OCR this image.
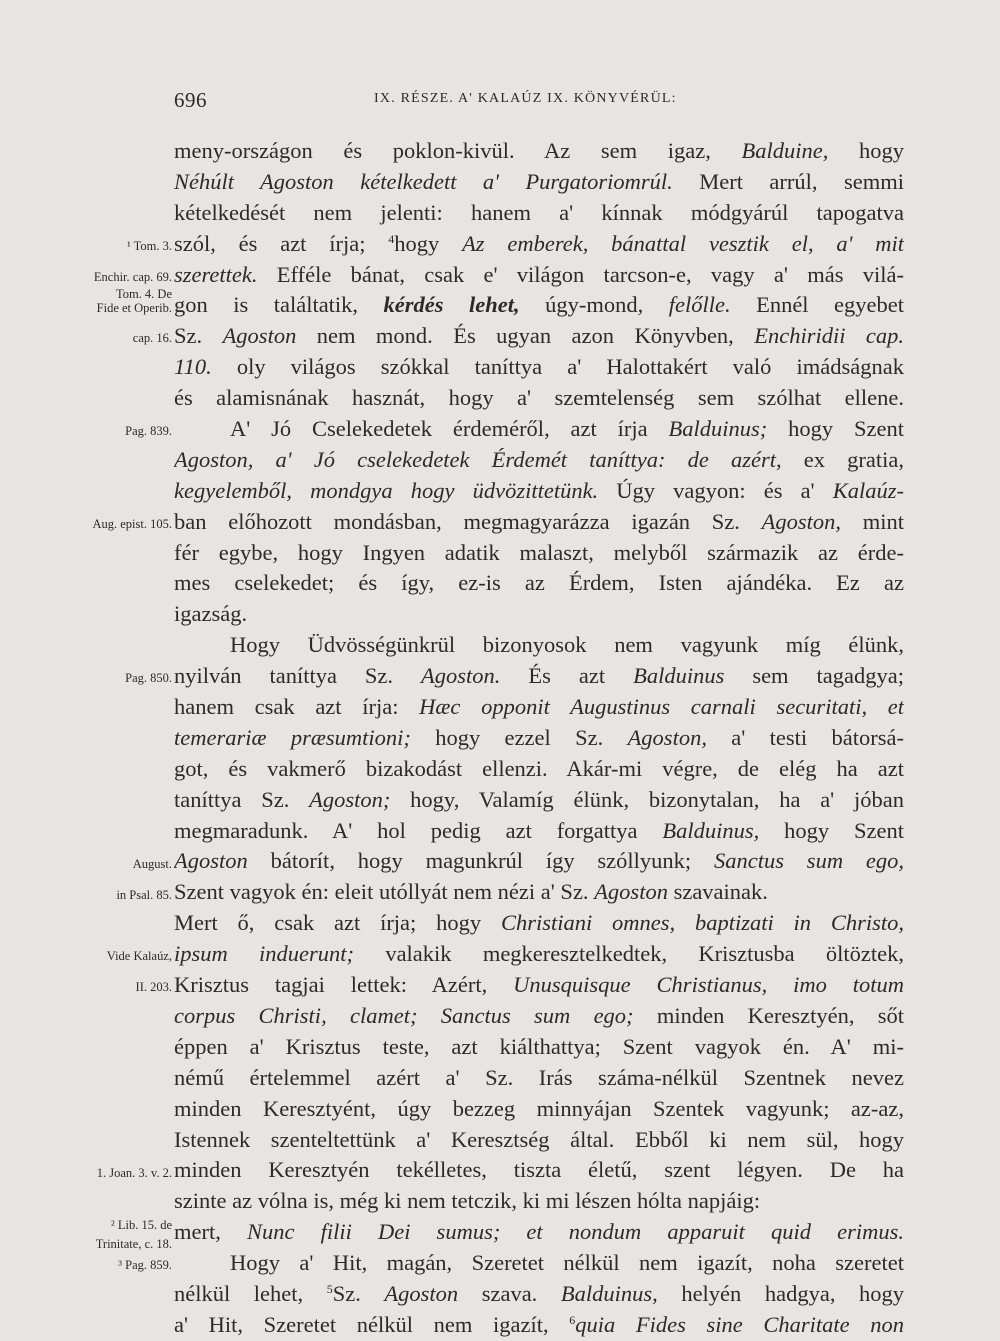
696	IX. RÉSZE. A' KALAÚZ IX. KÖNYVÉRÜL:
¹ Tom. 3.
Enchir. cap. 69.
Tom. 4. De
Fide et Operib.
cap. 16.
Pag. 839.
Aug. epist. 105.
Pag. 850.
August.
in Psal. 85.
Vide Kalaúz,
II. 203.
1. Joan. 3. v. 2.
² Lib. 15. de
Trinitate, c. 18.
³ Pag. 859.
meny-országon és poklon-kivül. Az sem igaz, Balduine, hogy
Néhúlt Agoston kételkedett a' Purgatoriomrúl. Mert arrúl, semmi
kételkedését nem jelenti: hanem a' kínnak módgyárúl tapogatva
szól, és azt írja; $^4$hogy Az emberek, bánattal vesztik el, a' mit
szerettek. Efféle bánat, csak e' világon tarcson-e, vagy a' más vilá-
gon is találtatik, kérdés lehet, úgy-mond, felőlle. Ennél egyebet
Sz. Agoston nem mond. És ugyan azon Könyvben, Enchiridii cap.
110. oly világos szókkal taníttya a' Halottakért való imádságnak
és alamisnának hasznát, hogy a' szemtelenség sem szólhat ellene.
A' Jó Cselekedetek érdeméről, azt írja Balduinus; hogy Szent
Agoston, a' Jó cselekedetek Érdemét taníttya: de azért, ex gratia,
kegyelemből, mondgya hogy üdvözittetünk. Úgy vagyon: és a' Kalaúz-
ban előhozott mondásban, megmagyarázza igazán Sz. Agoston, mint
fér egybe, hogy Ingyen adatik malaszt, melyből származik az érde-
mes cselekedet; és így, ez-is az Érdem, Isten ajándéka. Ez az
igazság.
Hogy Üdvösségünkrül bizonyosok nem vagyunk míg élünk,
nyilván taníttya Sz. Agoston. És azt Balduinus sem tagadgya;
hanem csak azt írja: Hæc opponit Augustinus carnali securitati, et
temerariæ præsumtioni; hogy ezzel Sz. Agoston, a' testi bátorsá-
got, és vakmerő bizakodást ellenzi. Akár-mi végre, de elég ha azt
taníttya Sz. Agoston; hogy, Valamíg élünk, bizonytalan, ha a' jóban
megmaradunk. A' hol pedig azt forgattya Balduinus, hogy Szent
Agoston bátorít, hogy magunkrúl így szóllyunk; Sanctus sum ego,
Szent vagyok én: eleit utóllyát nem nézi a' Sz. Agoston szavainak.
Mert ő, csak azt írja; hogy Christiani omnes, baptizati in Christo,
ipsum induerunt; valakik megkeresztelkedtek, Krisztusba öltöztek,
Krisztus tagjai lettek: Azért, Unusquisque Christianus, imo totum
corpus Christi, clamet; Sanctus sum ego; minden Keresztyén, sőt
éppen a' Krisztus teste, azt kiálthattya; Szent vagyok én. A' mi-
némű értelemmel azért a' Sz. Irás száma-nélkül Szentnek nevez
minden Keresztyént, úgy bezzeg minnyájan Szentek vagyunk; az-az,
Istennek szenteltettünk a' Keresztség által. Ebből ki nem sül, hogy
minden Keresztyén tekélletes, tiszta életű, szent légyen. De ha
szinte az vólna is, még ki nem tetczik, ki mi lészen hólta napjáig:
mert, Nunc filii Dei sumus; et nondum apparuit quid erimus.
Hogy a' Hit, magán, Szeretet nélkül nem igazít, noha szeretet
nélkül lehet, $^5$Sz. Agoston szava. Balduinus, helyén hadgya, hogy
a' Hit, Szeretet nélkül nem igazít, $^6$quia Fides sine Charitate non
